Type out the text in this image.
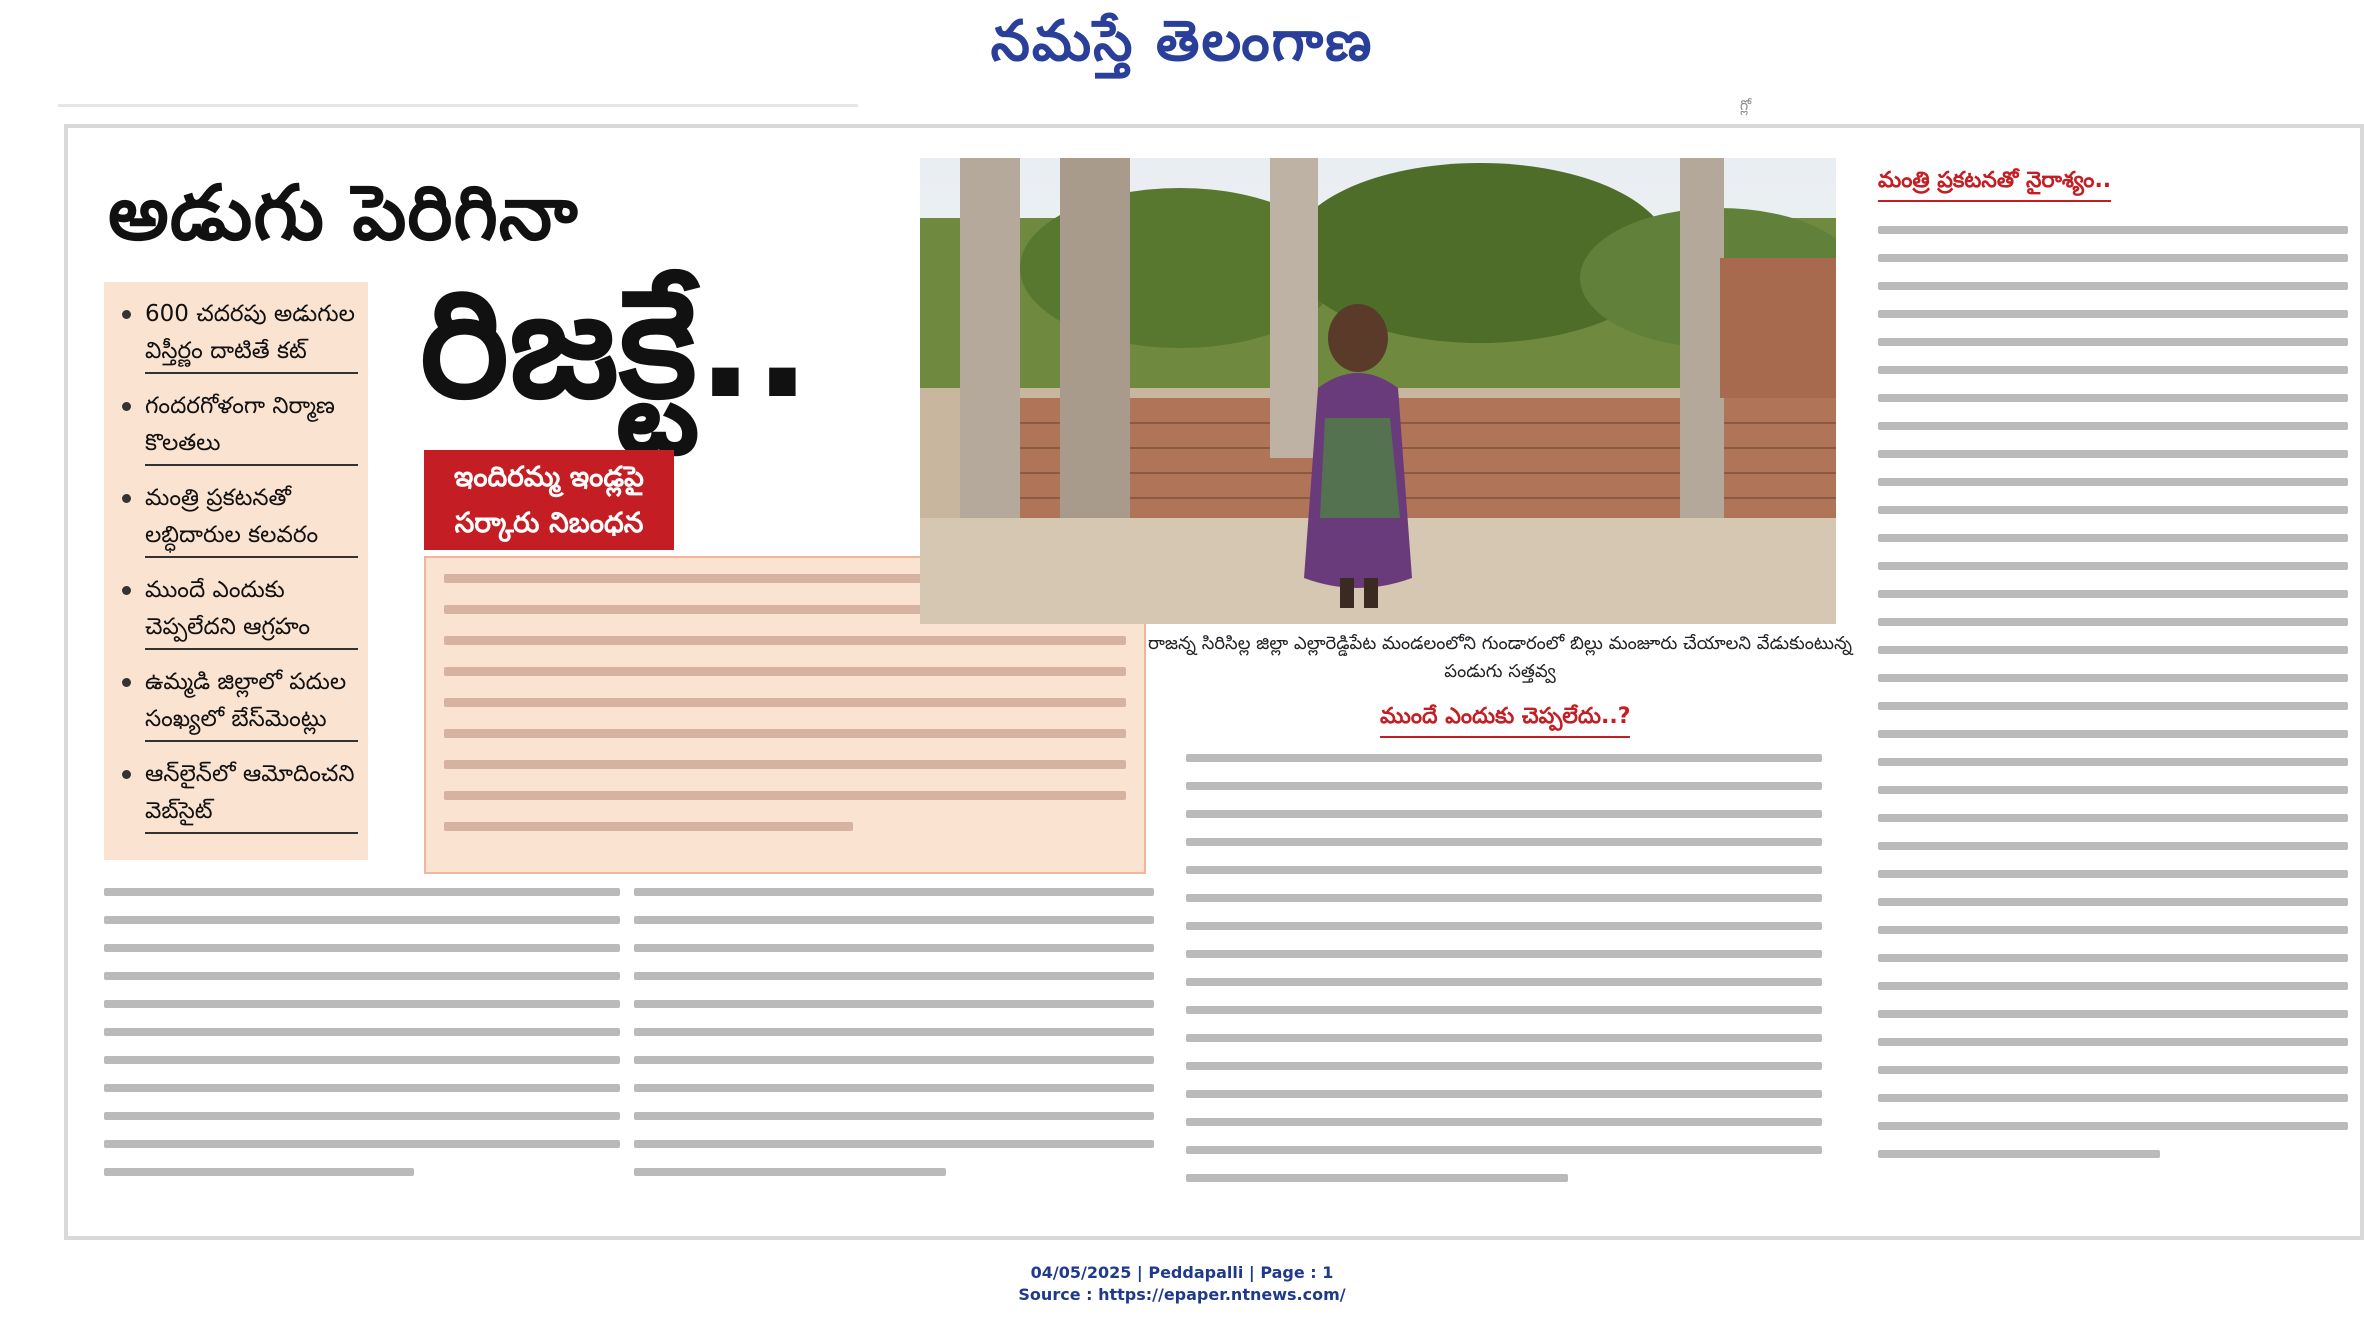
నమస్తే తెలంగాణ
గ్లో
అడుగు పెరిగినా
రిజక్టే..
600 చదరపు అడుగుల విస్తీర్ణం దాటితే కట్
గందరగోళంగా నిర్మాణ కొలతలు
మంత్రి ప్రకటనతో లబ్ధిదారుల కలవరం
ముందే ఎందుకు చెప్పలేదని ఆగ్రహం
ఉమ్మడి జిల్లాలో పదుల సంఖ్యలో బేస్‌మెంట్లు
ఆన్‌లైన్‌లో ఆమోదించని వెబ్‌సైట్
ఇందిరమ్మ ఇండ్లపై
సర్కారు నిబంధన
రాజన్న సిరిసిల్ల జిల్లా ఎల్లారెడ్డిపేట మండలంలోని గుండారంలో బిల్లు మంజూరు చేయాలని వేడుకుంటున్న పండుగు సత్తవ్వ
ముందే ఎందుకు చెప్పలేదు..?
మంత్రి ప్రకటనతో నైరాశ్యం..
04/05/2025 | Peddapalli | Page : 1
Source : https://epaper.ntnews.com/
